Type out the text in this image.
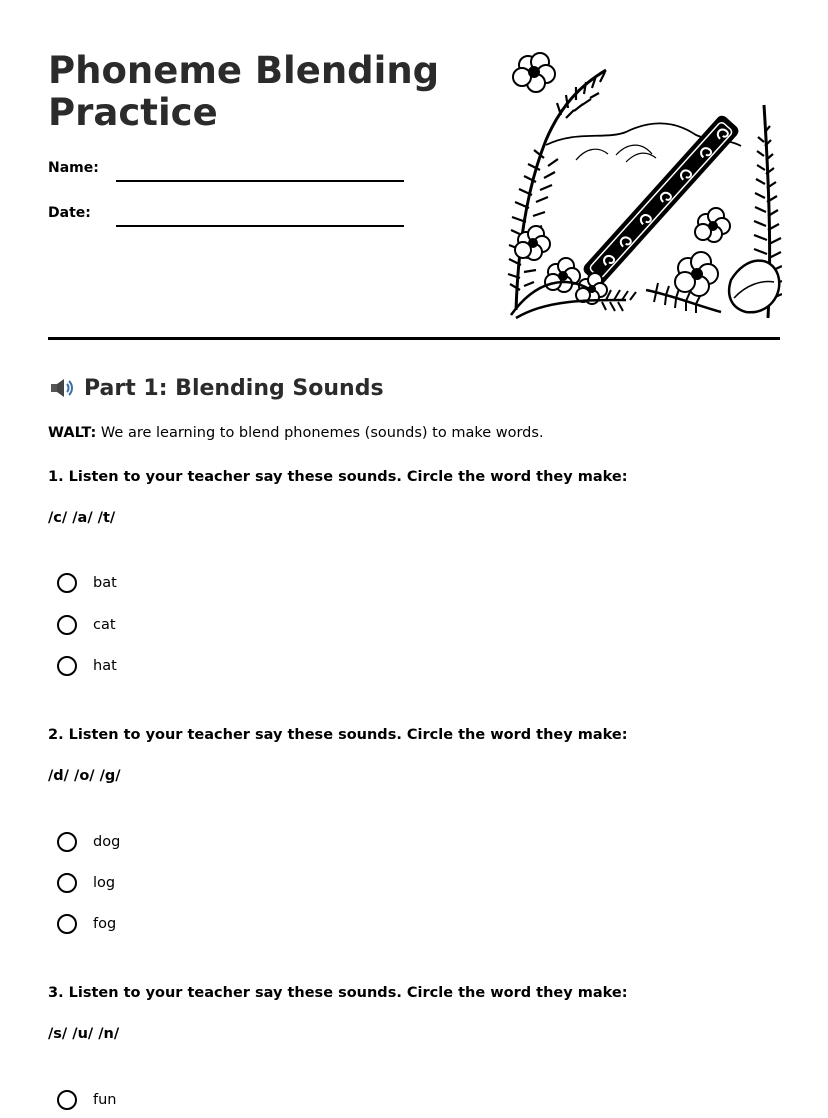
Phoneme Blending Practice
Name:
Date:
Part 1: Blending Sounds
WALT: We are learning to blend phonemes (sounds) to make words.
1. Listen to your teacher say these sounds. Circle the word they make:
/c/ /a/ /t/
bat
cat
hat
2. Listen to your teacher say these sounds. Circle the word they make:
/d/ /o/ /g/
dog
log
fog
3. Listen to your teacher say these sounds. Circle the word they make:
/s/ /u/ /n/
fun
